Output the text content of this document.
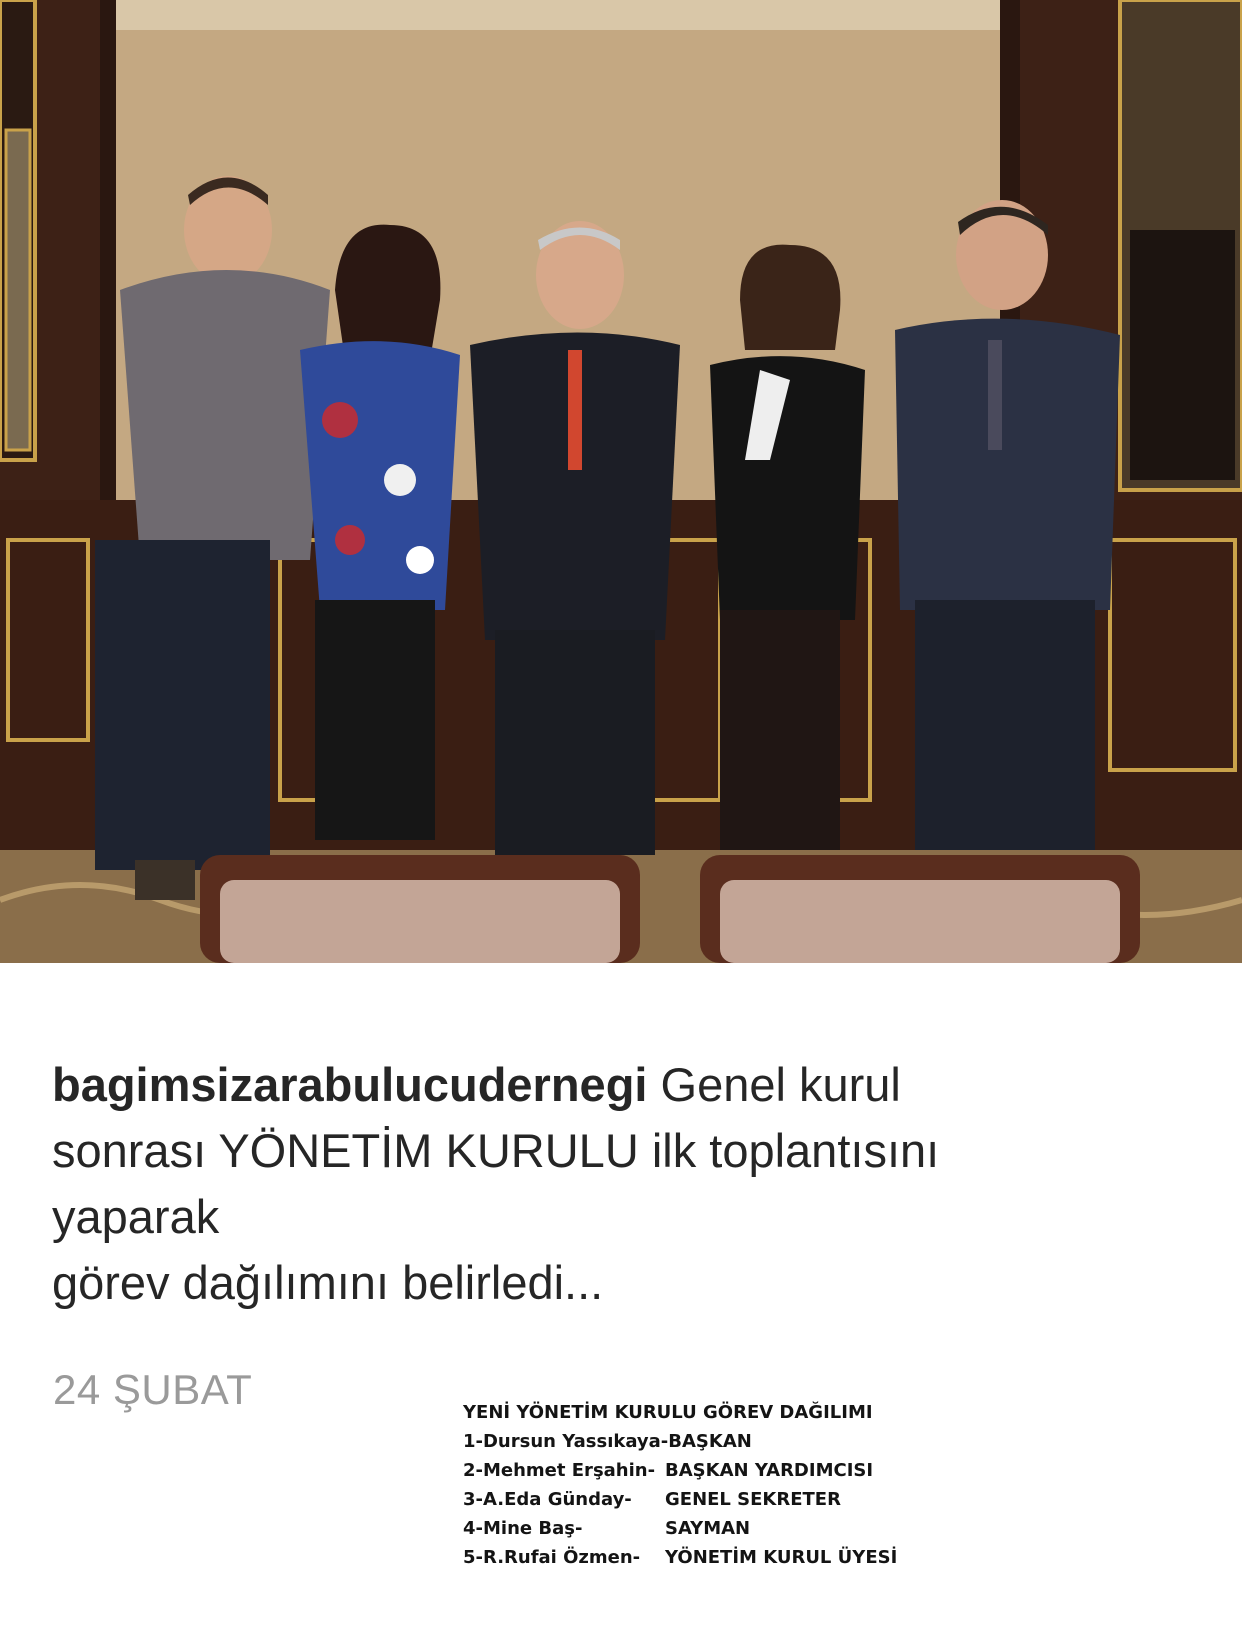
bagimsizarabulucudernegi Genel kurul
sonrası YÖNETİM KURULU ilk toplantısını
yaparak
görev dağılımını belirledi...
24 ŞUBAT	YENİ YÖNETİM KURULU GÖREV DAĞILIMI
1-Dursun Yassıkaya- BAŞKAN
2-Mehmet Erşahin- BAŞKAN YARDIMCISI
3-A.Eda Günday-	GENEL SEKRETER
4-Mine Baş-	SAYMAN
5-R.Rufai Özmen-	YÖNETİM KURUL ÜYESİ
